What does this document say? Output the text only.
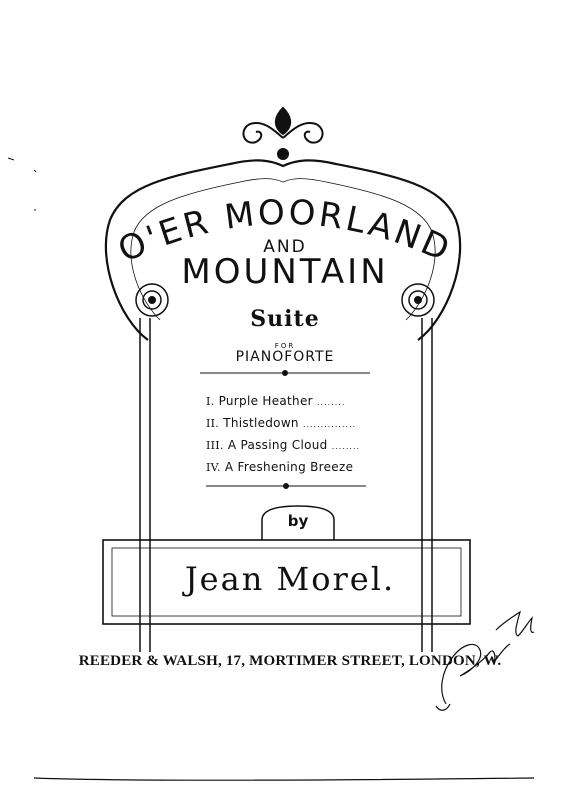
O'ER MOORLAND
AND
MOUNTAIN
Suite
FOR
PIANOFORTE
I. Purple Heather ........
II. Thistledown ...............
III. A Passing Cloud ........
IV. A Freshening Breeze
by
Jean Morel.
REEDER & WALSH, 17, MORTIMER STREET, LONDON, W.
